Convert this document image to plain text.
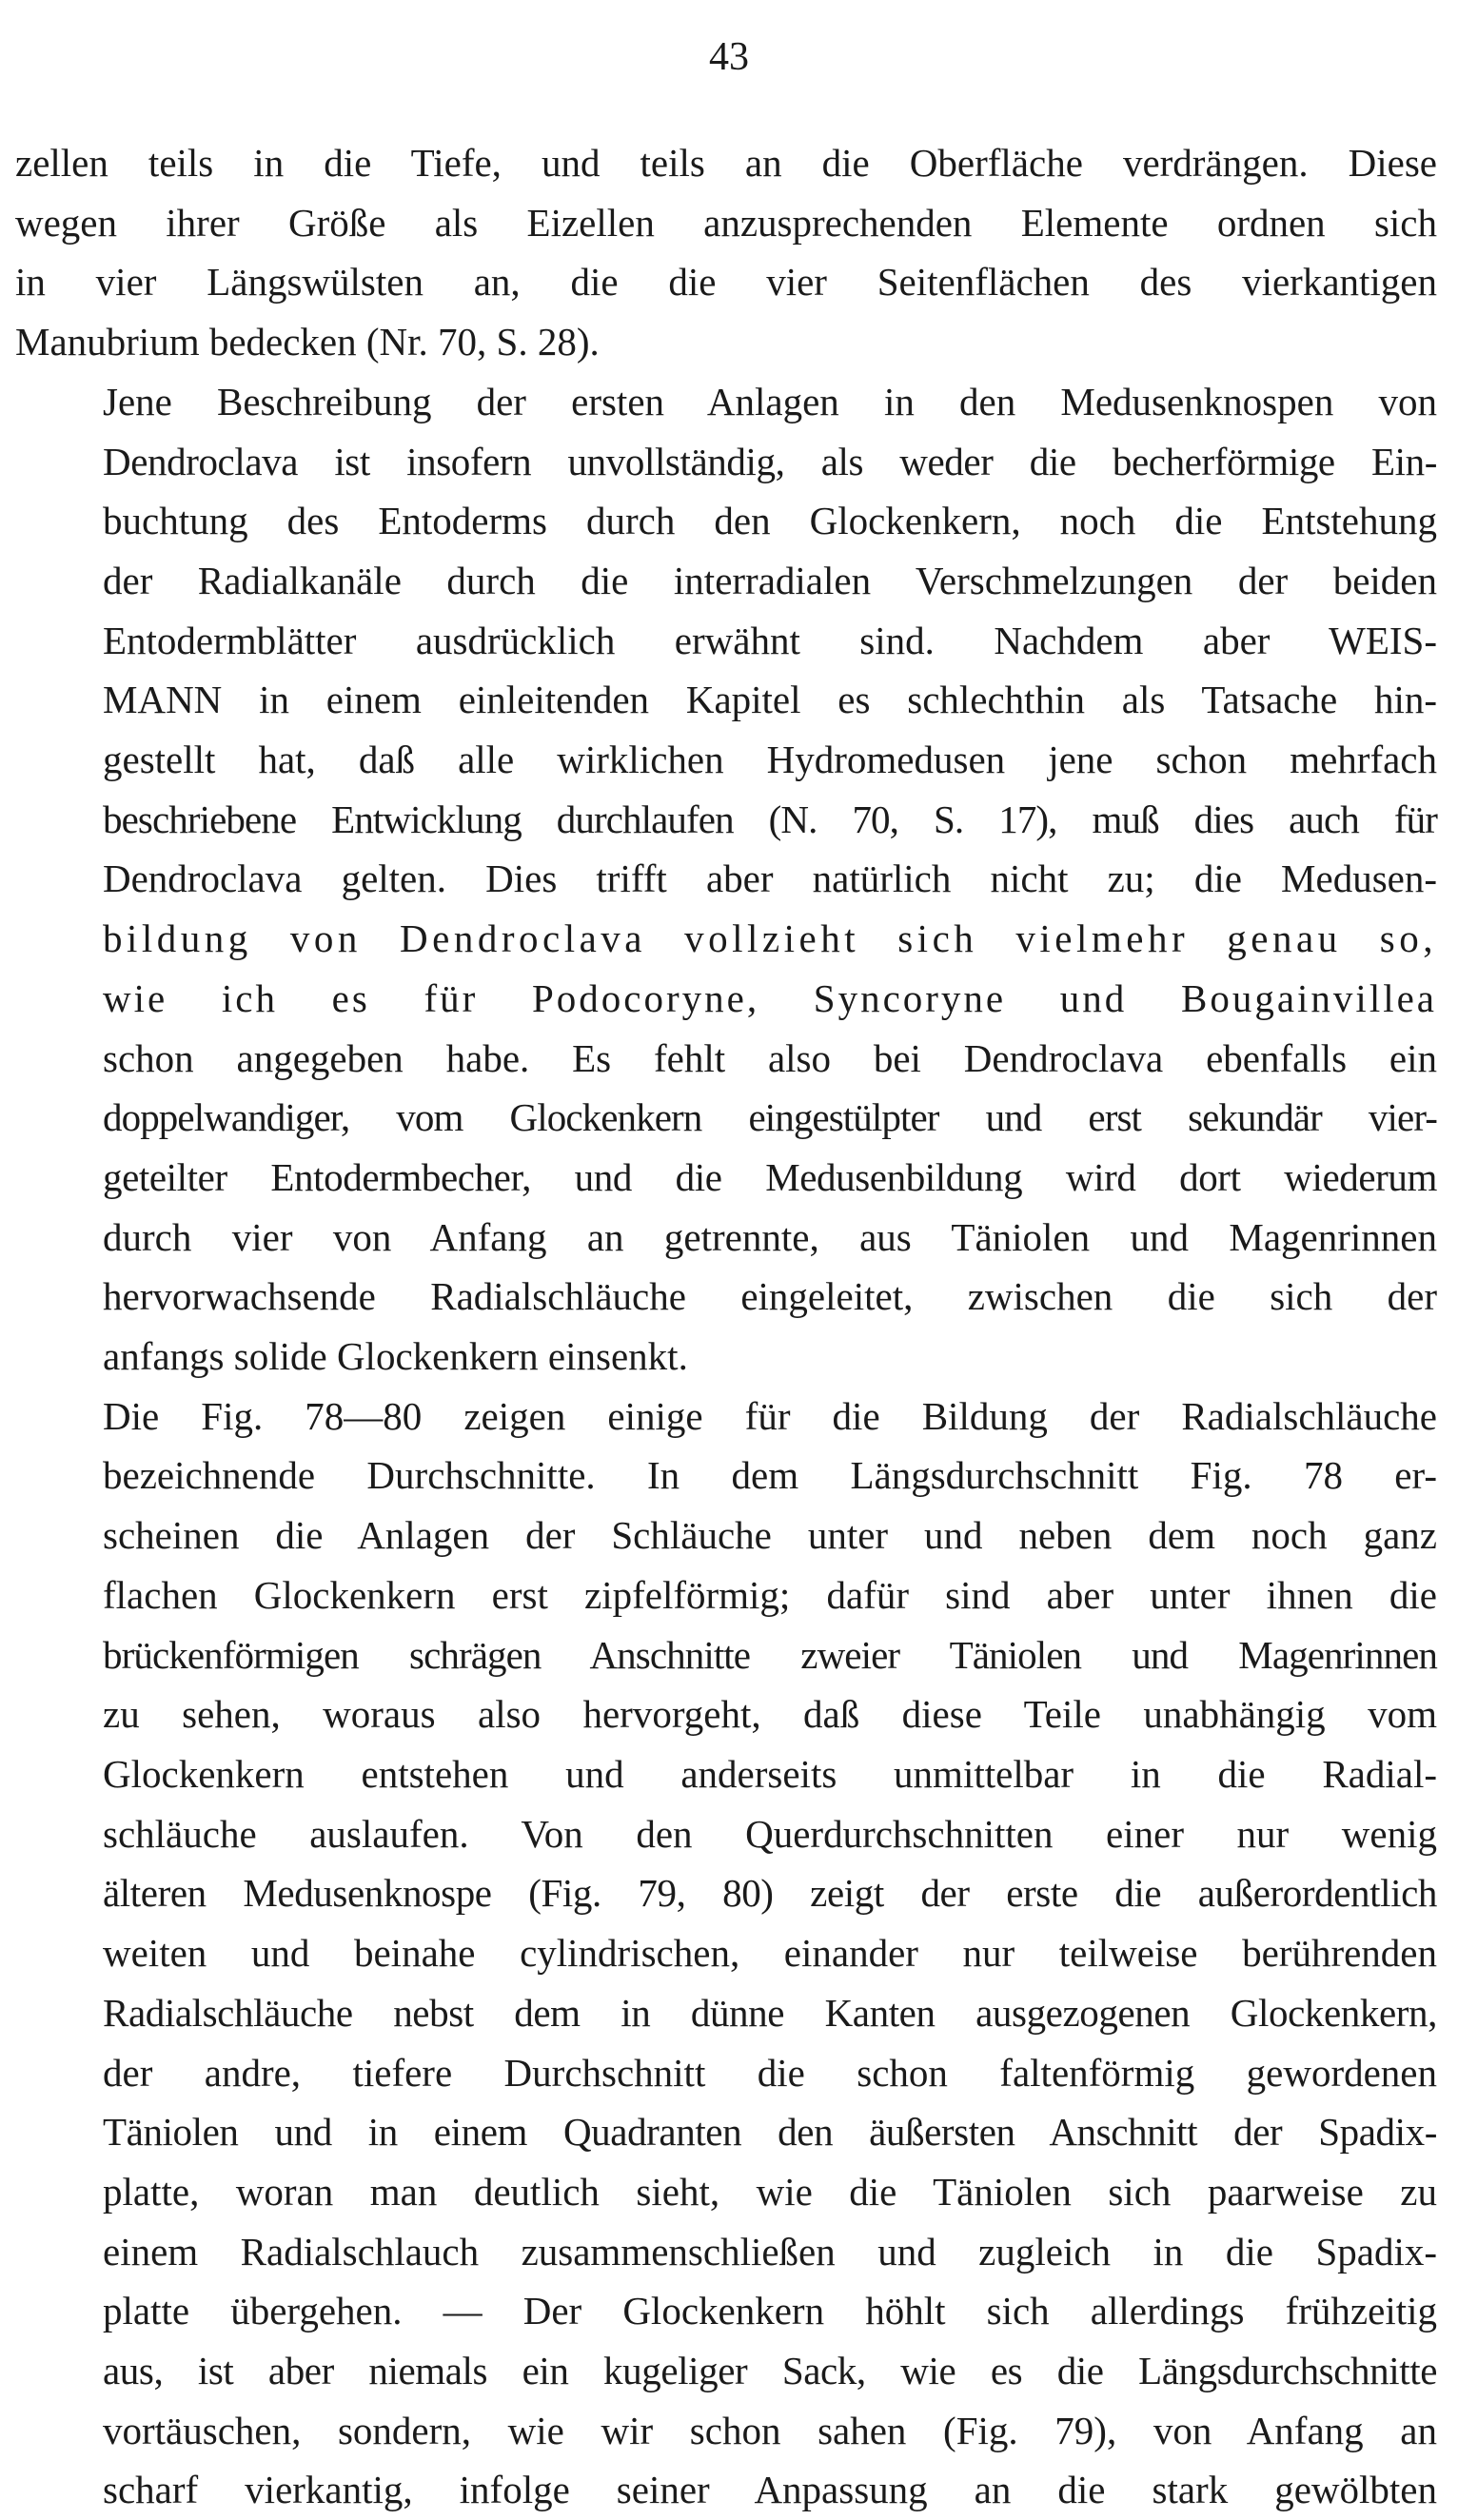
43
zellen teils in die Tiefe, und teils an die Oberfläche verdrängen. Diese
wegen ihrer Größe als Eizellen anzusprechenden Elemente ordnen sich
in vier Längswülsten an, die die vier Seitenflächen des vierkantigen
Manubrium bedecken (Nr. 70, S. 28).
Jene Beschreibung der ersten Anlagen in den Medusenknospen von
Dendroclava ist insofern unvollständig, als weder die becherförmige Ein-
buchtung des Entoderms durch den Glockenkern, noch die Entstehung
der Radialkanäle durch die interradialen Verschmelzungen der beiden
Entodermblätter ausdrücklich erwähnt sind. Nachdem aber WEIS-
MANN in einem einleitenden Kapitel es schlechthin als Tatsache hin-
gestellt hat, daß alle wirklichen Hydromedusen jene schon mehrfach
beschriebene Entwicklung durchlaufen (N. 70, S. 17), muß dies auch für
Dendroclava gelten. Dies trifft aber natürlich nicht zu; die Medusen-
bildung von Dendroclava vollzieht sich vielmehr genau so,
wie ich es für Podocoryne, Syncoryne und Bougainvillea
schon angegeben habe. Es fehlt also bei Dendroclava ebenfalls ein
doppelwandiger, vom Glockenkern eingestülpter und erst sekundär vier-
geteilter Entodermbecher, und die Medusenbildung wird dort wiederum
durch vier von Anfang an getrennte, aus Täniolen und Magenrinnen
hervorwachsende Radialschläuche eingeleitet, zwischen die sich der
anfangs solide Glockenkern einsenkt.
Die Fig. 78—80 zeigen einige für die Bildung der Radialschläuche
bezeichnende Durchschnitte. In dem Längsdurchschnitt Fig. 78 er-
scheinen die Anlagen der Schläuche unter und neben dem noch ganz
flachen Glockenkern erst zipfelförmig; dafür sind aber unter ihnen die
brückenförmigen schrägen Anschnitte zweier Täniolen und Magenrinnen
zu sehen, woraus also hervorgeht, daß diese Teile unabhängig vom
Glockenkern entstehen und anderseits unmittelbar in die Radial-
schläuche auslaufen. Von den Querdurchschnitten einer nur wenig
älteren Medusenknospe (Fig. 79, 80) zeigt der erste die außerordentlich
weiten und beinahe cylindrischen, einander nur teilweise berührenden
Radialschläuche nebst dem in dünne Kanten ausgezogenen Glockenkern,
der andre, tiefere Durchschnitt die schon faltenförmig gewordenen
Täniolen und in einem Quadranten den äußersten Anschnitt der Spadix-
platte, woran man deutlich sieht, wie die Täniolen sich paarweise zu
einem Radialschlauch zusammenschließen und zugleich in die Spadix-
platte übergehen. — Der Glockenkern höhlt sich allerdings frühzeitig
aus, ist aber niemals ein kugeliger Sack, wie es die Längsdurchschnitte
vortäuschen, sondern, wie wir schon sahen (Fig. 79), von Anfang an
scharf vierkantig, infolge seiner Anpassung an die stark gewölbten
